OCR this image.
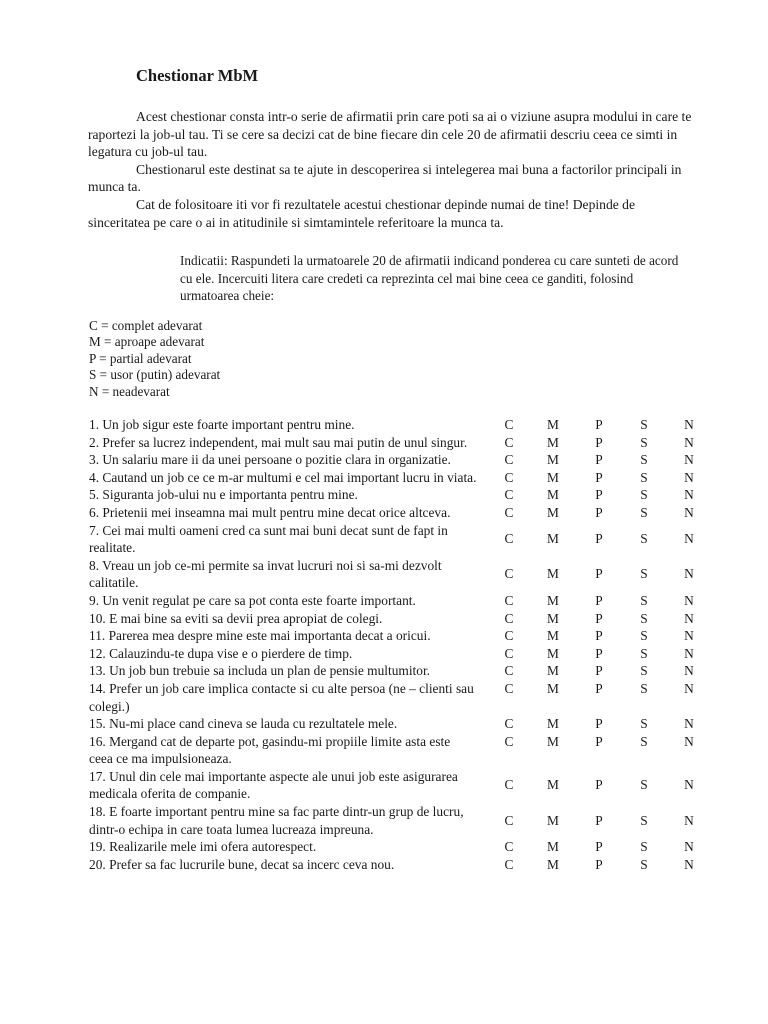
Chestionar MbM

Acest chestionar consta intr-o serie de afirmatii prin care poti sa ai o viziune asupra modului in care te raportezi la job-ul tau. Ti se cere sa decizi cat de bine fiecare din cele 20 de afirmatii descriu ceea ce simti in legatura cu job-ul tau.

Chestionarul este destinat sa te ajute in descoperirea si intelegerea mai buna a factorilor principali in munca ta.

Cat de folositoare iti vor fi rezultatele acestui chestionar depinde numai de tine! Depinde de sinceritatea pe care o ai in atitudinile si simtamintele referitoare la munca ta.

Indicatii: Raspundeti la urmatoarele 20 de afirmatii indicand ponderea cu care sunteti de acord cu ele. Incercuiti litera care credeti ca reprezinta cel mai bine ceea ce ganditi, folosind urmatoarea cheie:
C = complet adevarat
M = aproape adevarat
P = partial adevarat
S = usor (putin) adevarat
N = neadevarat
1. Un job sigur este foarte important pentru mine.	C	M	P	S	N
2. Prefer sa lucrez independent, mai mult sau mai putin de unul singur.	C	M	P	S	N
3. Un salariu mare ii da unei persoane o pozitie clara in organizatie.	C	M	P	S	N
4. Cautand un job ce ce m-ar multumi e cel mai important lucru in viata.	C	M	P	S	N
5. Siguranta job-ului nu e importanta pentru mine.	C	M	P	S	N
6. Prietenii mei inseamna mai mult pentru mine decat orice altceva.	C	M	P	S	N
7. Cei mai multi oameni cred ca sunt mai buni decat sunt de fapt in realitate.
C	M	P	S	N
8. Vreau un job ce-mi permite sa invat lucruri noi si sa-mi dezvolt calitatile.
C	M	P	S	N
9. Un venit regulat pe care sa pot conta este foarte important.	C	M	P	S	N
10. E mai bine sa eviti sa devii prea apropiat de colegi.	C	M	P	S	N
11. Parerea mea despre mine este mai importanta decat a oricui.	C	M	P	S	N
12. Calauzindu-te dupa vise e o pierdere de timp.	C	M	P	S	N
13. Un job bun trebuie sa includa un plan de pensie multumitor.	C	M	P	S	N
14. Prefer un job care implica contacte si cu alte persoa (ne – clienti sau colegi.)
C	M	P	S	N
15. Nu-mi place cand cineva se lauda cu rezultatele mele.	C	M	P	S	N
16. Mergand cat de departe pot, gasindu-mi propiile limite asta este ceea ce ma impulsioneaza.
C	M	P	S	N
17. Unul din cele mai importante aspecte ale unui job este asigurarea medicala oferita de companie.
C	M	P	S	N
18. E foarte important pentru mine sa fac parte dintr-un grup de lucru, dintr-o echipa in care toata lumea lucreaza impreuna.
C	M	P	S	N
19. Realizarile mele imi ofera autorespect.	C	M	P	S	N
20. Prefer sa fac lucrurile bune, decat sa incerc ceva nou.	C	M	P	S	N
